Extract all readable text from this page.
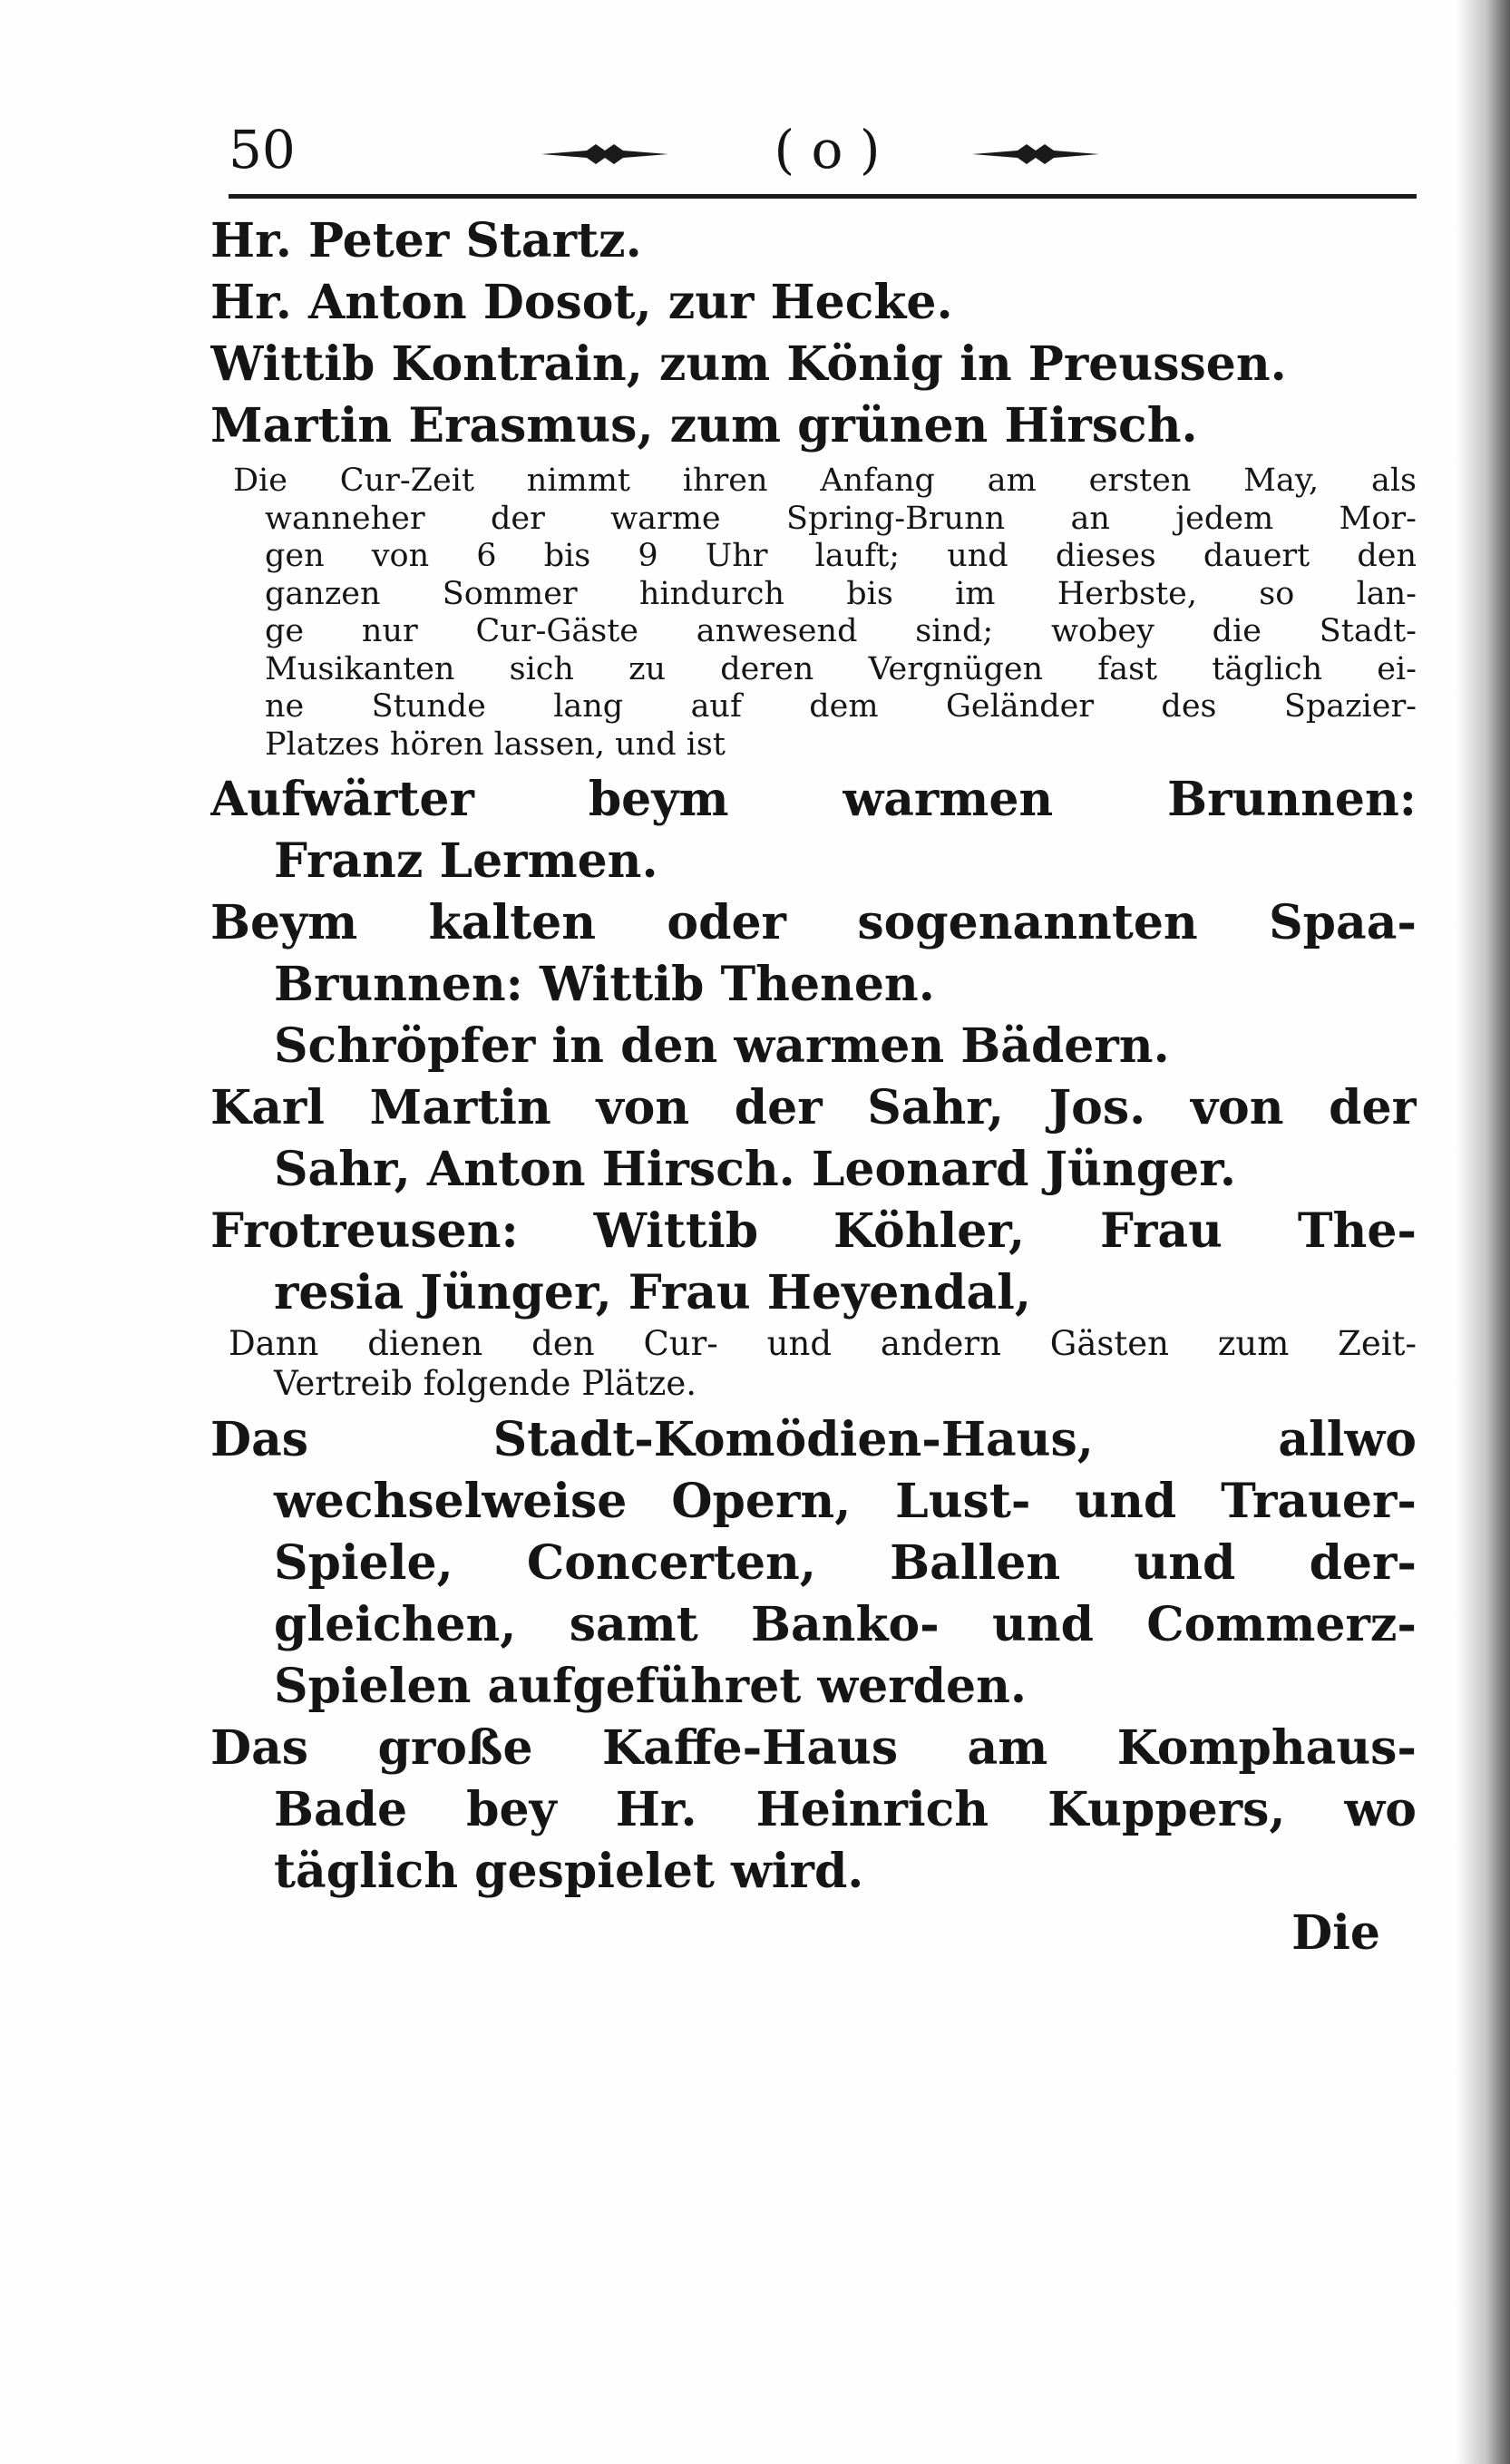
50	( o )
Hr. Peter Startz.
Hr. Anton Dosot, zur Hecke.
Wittib Kontrain, zum König in Preussen.
Martin Erasmus, zum grünen Hirsch.
Die Cur-Zeit nimmt ihren Anfang am ersten May, als
wanneher der warme Spring-Brunn an jedem Mor-
gen von 6 bis 9 Uhr lauft; und dieses dauert den
ganzen Sommer hindurch bis im Herbste, so lan-
ge nur Cur-Gäste anwesend sind; wobey die Stadt-
Musikanten sich zu deren Vergnügen fast täglich ei-
ne Stunde lang auf dem Geländer des Spazier-
Platzes hören lassen, und ist
Aufwärter beym warmen Brunnen:
Franz Lermen.
Beym kalten oder sogenannten Spaa-
Brunnen: Wittib Thenen.
Schröpfer in den warmen Bädern.
Karl Martin von der Sahr, Jos. von der
Sahr, Anton Hirsch. Leonard Jünger.
Frotreusen: Wittib Köhler, Frau The-
resia Jünger, Frau Heyendal,
Dann dienen den Cur- und andern Gästen zum Zeit-
Vertreib folgende Plätze.
Das Stadt-Komödien-Haus, allwo
wechselweise Opern, Lust- und Trauer-
Spiele, Concerten, Ballen und der-
gleichen, samt Banko- und Commerz-
Spielen aufgeführet werden.
Das große Kaffe-Haus am Komphaus-
Bade bey Hr. Heinrich Kuppers, wo
täglich gespielet wird.
Die
